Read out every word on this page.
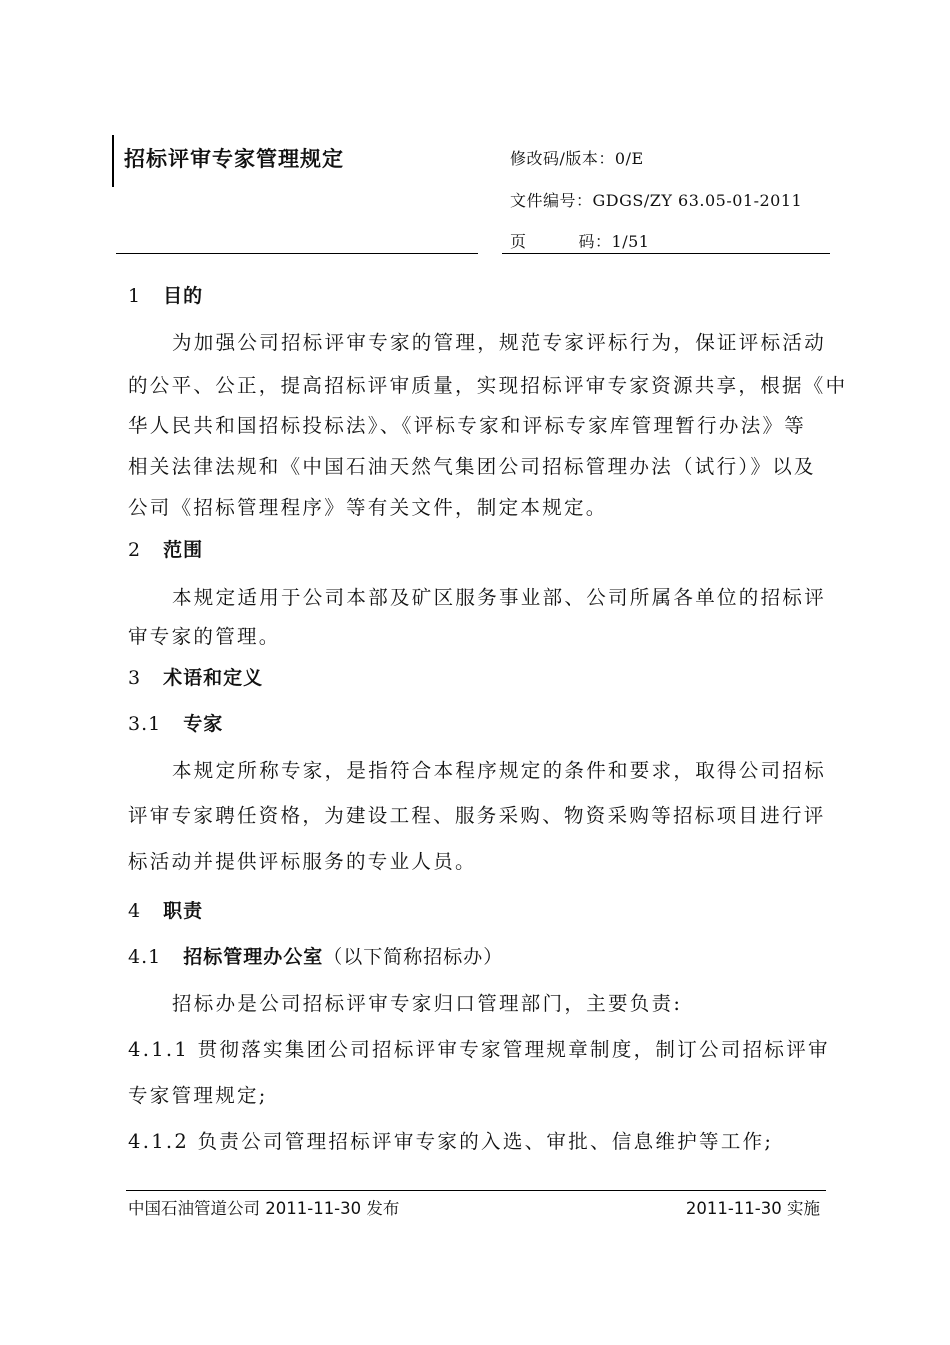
招标评审专家管理规定	修改码/版本：0/E
文件编号：GDGS/ZY 63.05-01-2011
页	码：1/51
1 目的
为加强公司招标评审专家的管理，规范专家评标行为，保证评标活动
的公平、公正，提高招标评审质量，实现招标评审专家资源共享，根据《中
华人民共和国招标投标法》、《评标专家和评标专家库管理暂行办法》等
相关法律法规和《中国石油天然气集团公司招标管理办法（试行）》以及
公司《招标管理程序》等有关文件，制定本规定。
2 范围
本规定适用于公司本部及矿区服务事业部、公司所属各单位的招标评
审专家的管理。
3 术语和定义
3.1 专家
本规定所称专家，是指符合本程序规定的条件和要求，取得公司招标
评审专家聘任资格，为建设工程、服务采购、物资采购等招标项目进行评
标活动并提供评标服务的专业人员。
4 职责
4.1 招标管理办公室（以下简称招标办）
招标办是公司招标评审专家归口管理部门，主要负责:
4.1.1 贯彻落实集团公司招标评审专家管理规章制度，制订公司招标评审
专家管理规定;
4.1.2 负责公司管理招标评审专家的入选、审批、信息维护等工作;
中国石油管道公司 2011-11-30 发布	2011-11-30 实施
